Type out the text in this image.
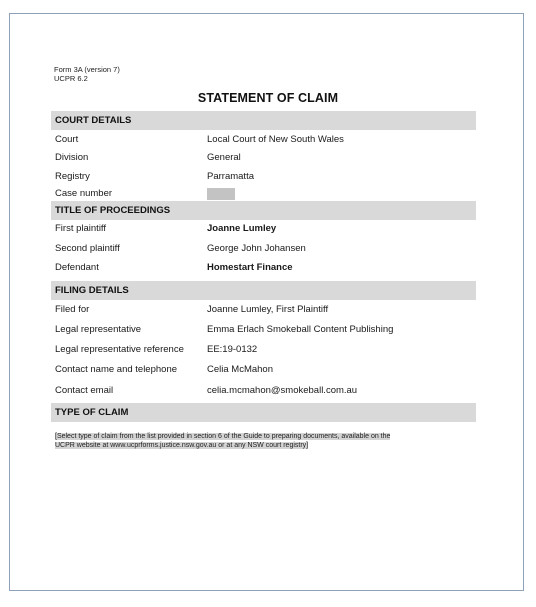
Form 3A (version 7)
UCPR 6.2
STATEMENT OF CLAIM
COURT DETAILS
Court	Local Court of New South Wales
Division	General
Registry	Parramatta
Case number
TITLE OF PROCEEDINGS
First plaintiff	Joanne Lumley
Second plaintiff	George John Johansen
Defendant	Homestart Finance
FILING DETAILS
Filed for	Joanne Lumley, First Plaintiff
Legal representative	Emma Erlach Smokeball Content Publishing
Legal representative reference EE:19-0132
Contact name and telephone	Celia McMahon
Contact email	celia.mcmahon@smokeball.com.au
TYPE OF CLAIM
[Select type of claim from the list provided in section 6 of the Guide to preparing documents, available on the
UCPR website at www.ucprforms.justice.nsw.gov.au or at any NSW court registry]
